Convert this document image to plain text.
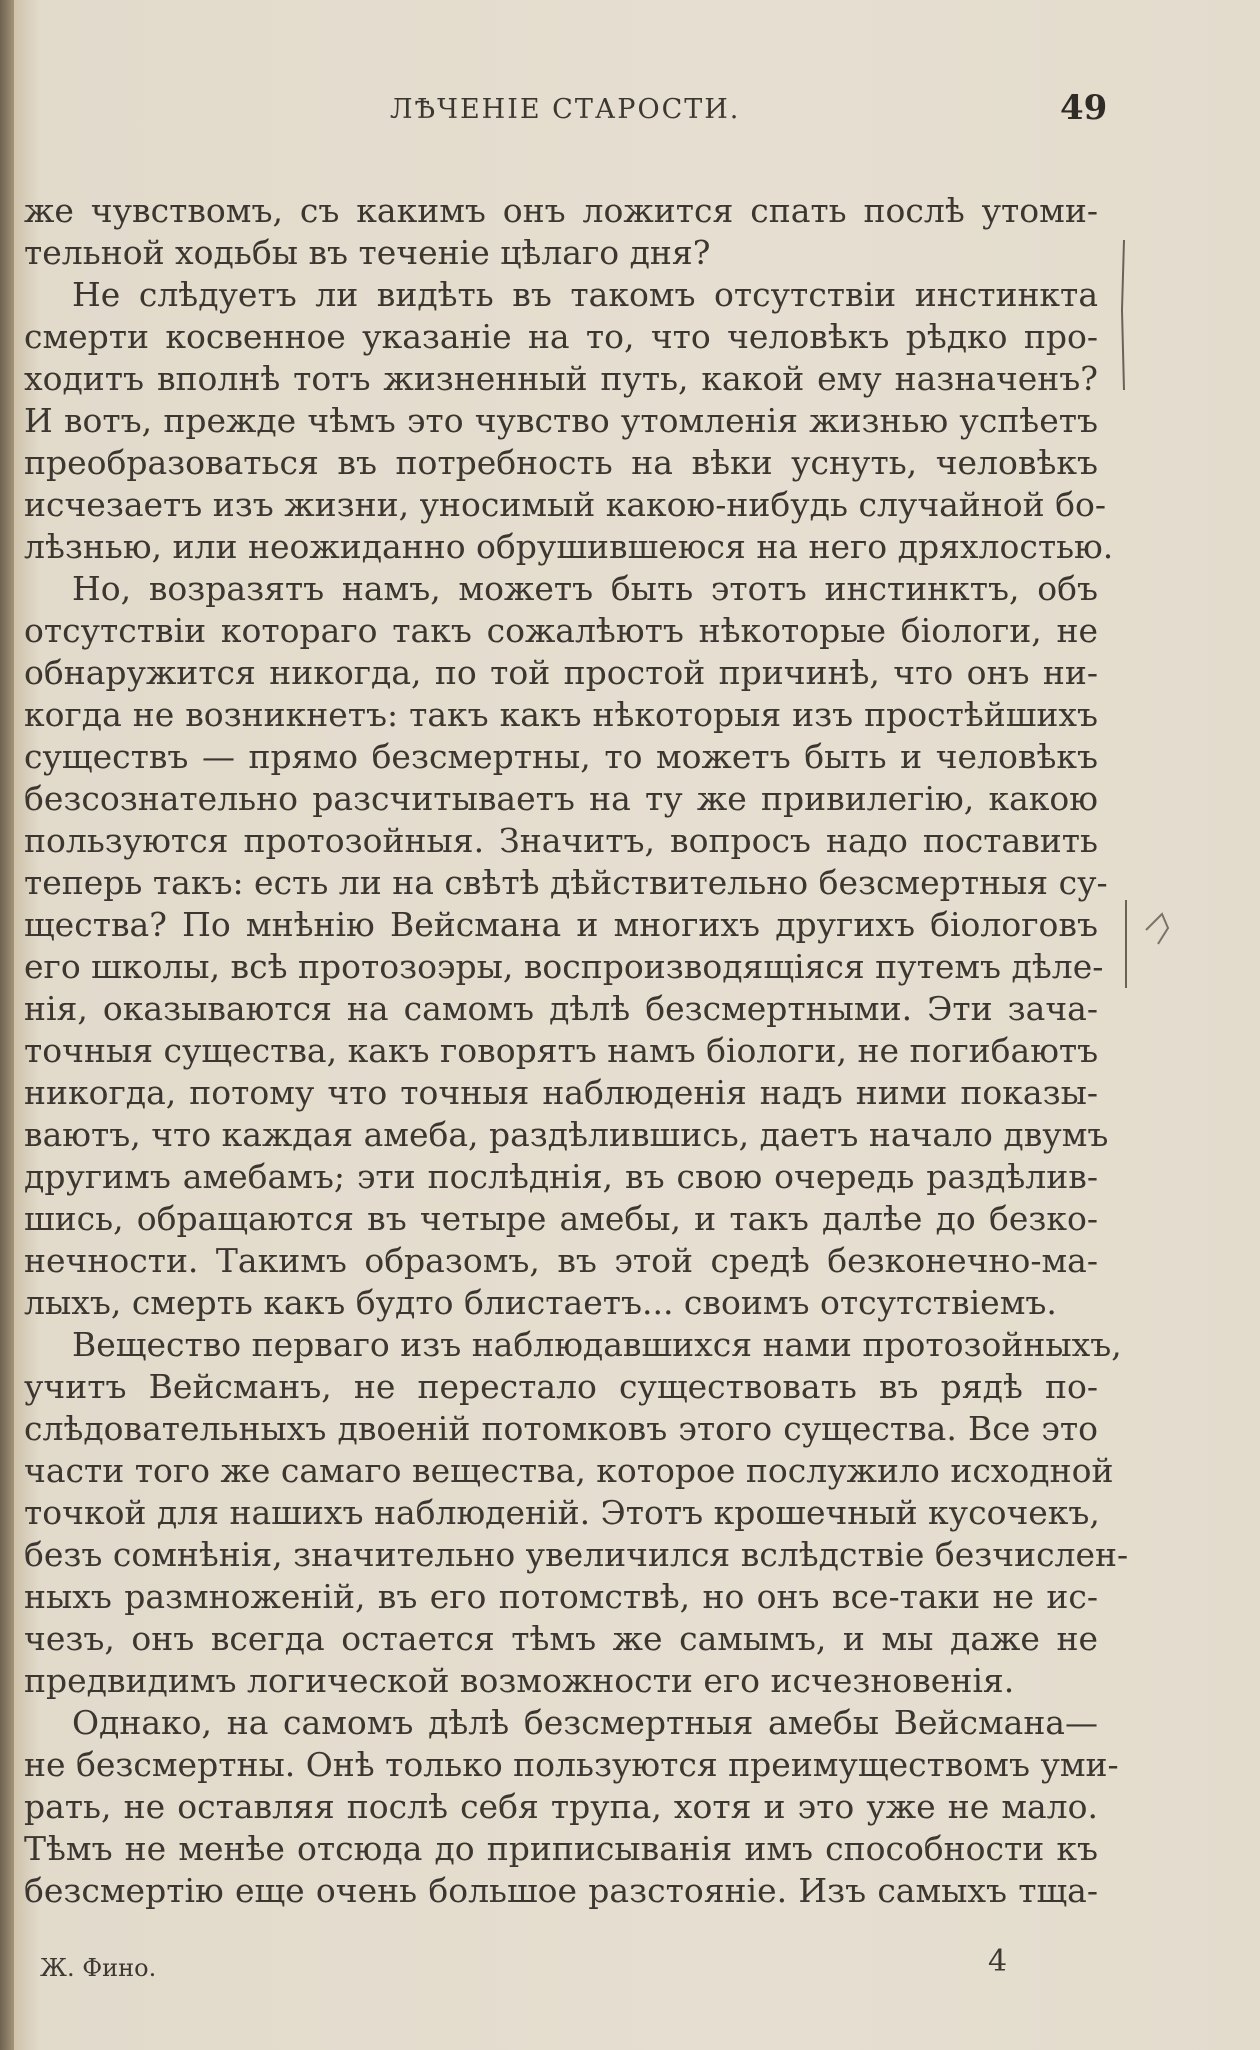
ЛѢЧЕНІЕ СТАРОСТИ.	49
же чувствомъ, съ какимъ онъ ложится спать послѣ утоми-
тельной ходьбы въ теченіе цѣлаго дня?
Не слѣдуетъ ли видѣть въ такомъ отсутствіи инстинкта
смерти косвенное указаніе на то, что человѣкъ рѣдко про-
ходитъ вполнѣ тотъ жизненный путь, какой ему назначенъ?
И вотъ, прежде чѣмъ это чувство утомленія жизнью успѣетъ
преобразоваться въ потребность на вѣки уснуть, человѣкъ
исчезаетъ изъ жизни, уносимый какою-нибудь случайной бо-
лѣзнью, или неожиданно обрушившеюся на него дряхлостью.
Но, возразятъ намъ, можетъ быть этотъ инстинктъ, объ
отсутствіи котораго такъ сожалѣютъ нѣкоторые біологи, не
обнаружится никогда, по той простой причинѣ, что онъ ни-
когда не возникнетъ: такъ какъ нѣкоторыя изъ простѣйшихъ
существъ — прямо безсмертны, то можетъ быть и человѣкъ
безсознательно разсчитываетъ на ту же привилегію, какою
пользуются протозойныя. Значитъ, вопросъ надо поставить
теперь такъ: есть ли на свѣтѣ дѣйствительно безсмертныя су-
щества? По мнѣнію Вейсмана и многихъ другихъ біологовъ
его школы, всѣ протозоэры, воспроизводящіяся путемъ дѣле-
нія, оказываются на самомъ дѣлѣ безсмертными. Эти зача-
точныя существа, какъ говорятъ намъ біологи, не погибаютъ
никогда, потому что точныя наблюденія надъ ними показы-
ваютъ, что каждая амеба, раздѣлившись, даетъ начало двумъ
другимъ амебамъ; эти послѣднія, въ свою очередь раздѣлив-
шись, обращаются въ четыре амебы, и такъ далѣе до безко-
нечности. Такимъ образомъ, въ этой средѣ безконечно-ма-
лыхъ, смерть какъ будто блистаетъ... своимъ отсутствіемъ.
Вещество перваго изъ наблюдавшихся нами протозойныхъ,
учитъ Вейсманъ, не перестало существовать въ рядѣ по-
слѣдовательныхъ двоеній потомковъ этого существа. Все это
части того же самаго вещества, которое послужило исходной
точкой для нашихъ наблюденій. Этотъ крошечный кусочекъ,
безъ сомнѣнія, значительно увеличился вслѣдствіе безчислен-
ныхъ размноженій, въ его потомствѣ, но онъ все-таки не ис-
чезъ, онъ всегда остается тѣмъ же самымъ, и мы даже не
предвидимъ логической возможности его исчезновенія.
Однако, на самомъ дѣлѣ безсмертныя амебы Вейсмана—
не безсмертны. Онѣ только пользуются преимуществомъ уми-
рать, не оставляя послѣ себя трупа, хотя и это уже не мало.
Тѣмъ не менѣе отсюда до приписыванія имъ способности къ
безсмертію еще очень большое разстояніе. Изъ самыхъ тща-
Ж. Фино.	4
